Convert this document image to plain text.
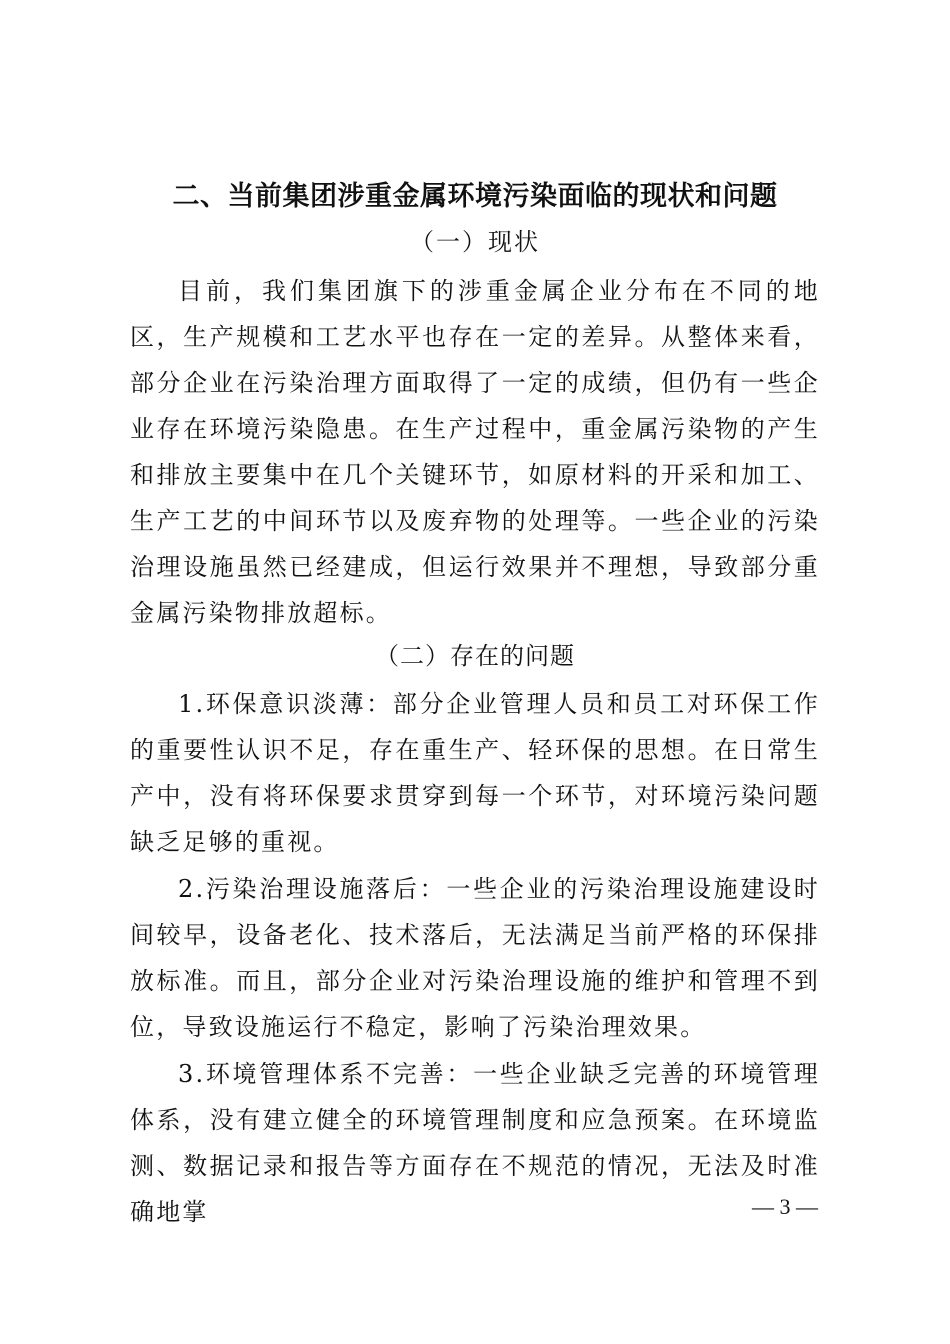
二、当前集团涉重金属环境污染面临的现状和问题
（一）现状

目前，我们集团旗下的涉重金属企业分布在不同的地区，生产规模和工艺水平也存在一定的差异。从整体来看，部分企业在污染治理方面取得了一定的成绩，但仍有一些企业存在环境污染隐患。在生产过程中，重金属污染物的产生和排放主要集中在几个关键环节，如原材料的开采和加工、生产工艺的中间环节以及废弃物的处理等。一些企业的污染治理设施虽然已经建成，但运行效果并不理想，导致部分重金属污染物排放超标。

（二）存在的问题

1.环保意识淡薄：部分企业管理人员和员工对环保工作的重要性认识不足，存在重生产、轻环保的思想。在日常生产中，没有将环保要求贯穿到每一个环节，对环境污染问题缺乏足够的重视。

2.污染治理设施落后：一些企业的污染治理设施建设时间较早，设备老化、技术落后，无法满足当前严格的环保排放标准。而且，部分企业对污染治理设施的维护和管理不到位，导致设施运行不稳定，影响了污染治理效果。

3.环境管理体系不完善：一些企业缺乏完善的环境管理体系，没有建立健全的环境管理制度和应急预案。在环境监测、数据记录和报告等方面存在不规范的情况，无法及时准确地掌	— 3 —
